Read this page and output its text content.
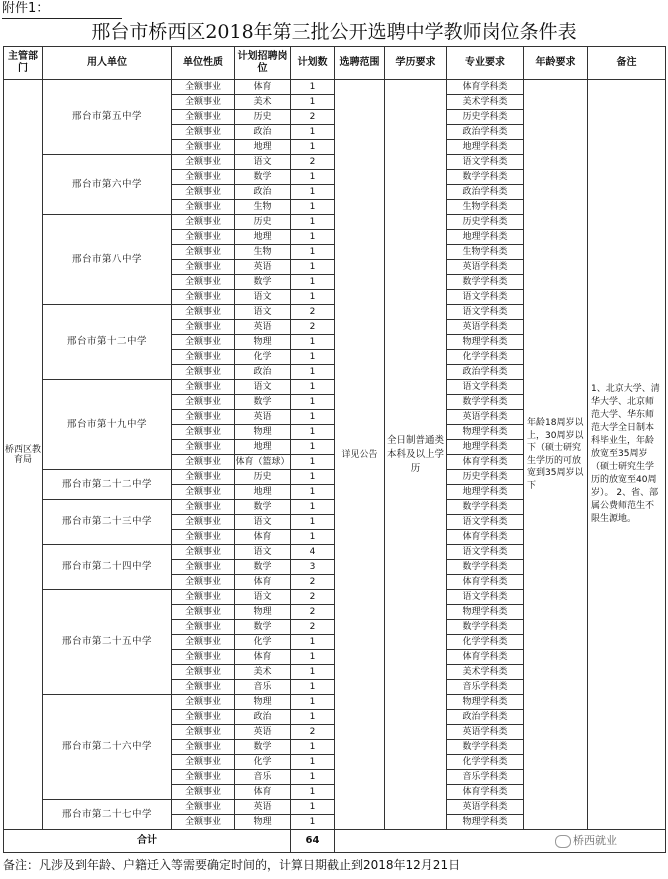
附件1：
邢台市桥西区2018年第三批公开选聘中学教师岗位条件表
主管部门	用人单位	单位性质	计划招聘岗位	计划数	选聘范围	学历要求	专业要求	年龄要求	备注
桥西区教育局	邢台市第五中学	全额事业	体育	1	详见公告	全日制普通类本科及以上学历	体育学科类	年龄18周岁以上，30周岁以下（硕士研究生学历的可放宽到35周岁以下	1、北京大学、清华大学、北京师范大学、华东师范大学全日制本科毕业生，年龄放宽至35周岁（硕士研究生学历的放宽至40周岁）。 2、省、部属公费师范生不限生源地。
		全额事业	美术	1			美术学科类		
		全额事业	历史	2			历史学科类		
		全额事业	政治	1			政治学科类		
		全额事业	地理	1			地理学科类		
	邢台市第六中学	全额事业	语文	2			语文学科类		
		全额事业	数学	1			数学学科类		
		全额事业	政治	1			政治学科类		
		全额事业	生物	1			生物学科类		
	邢台市第八中学	全额事业	历史	1			历史学科类		
		全额事业	地理	1			地理学科类		
		全额事业	生物	1			生物学科类		
		全额事业	英语	1			英语学科类		
		全额事业	数学	1			数学学科类		
		全额事业	语文	1			语文学科类		
	邢台市第十二中学	全额事业	语文	2			语文学科类		
		全额事业	英语	2			英语学科类		
		全额事业	物理	1			物理学科类		
		全额事业	化学	1			化学学科类		
		全额事业	政治	1			政治学科类		
	邢台市第十九中学	全额事业	语文	1			语文学科类		
		全额事业	数学	1			数学学科类		
		全额事业	英语	1			英语学科类		
		全额事业	物理	1			物理学科类		
		全额事业	地理	1			地理学科类		
		全额事业	体育（篮球）	1			体育学科类		
	邢台市第二十二中学	全额事业	历史	1			历史学科类		
		全额事业	地理	1			地理学科类		
	邢台市第二十三中学	全额事业	数学	1			数学学科类		
		全额事业	语文	1			语文学科类		
		全额事业	体育	1			体育学科类		
	邢台市第二十四中学	全额事业	语文	4			语文学科类		
		全额事业	数学	3			数学学科类		
		全额事业	体育	2			体育学科类		
	邢台市第二十五中学	全额事业	语文	2			语文学科类		
		全额事业	物理	2			物理学科类		
		全额事业	数学	2			数学学科类		
		全额事业	化学	1			化学学科类		
		全额事业	体育	1			体育学科类		
		全额事业	美术	1			美术学科类		
		全额事业	音乐	1			音乐学科类		
	邢台市第二十六中学	全额事业	物理	1			物理学科类		
		全额事业	政治	1			政治学科类		
		全额事业	英语	2			英语学科类		
		全额事业	数学	1			数学学科类		
		全额事业	化学	1			化学学科类		
		全额事业	音乐	1			音乐学科类		
		全额事业	体育	1			体育学科类		
	邢台市第二十七中学	全额事业	英语	1			英语学科类		
		全额事业	物理	1			物理学科类		
合计				64						桥西就业
备注：凡涉及到年龄、户籍迁入等需要确定时间的，计算日期截止到2018年12月21日
